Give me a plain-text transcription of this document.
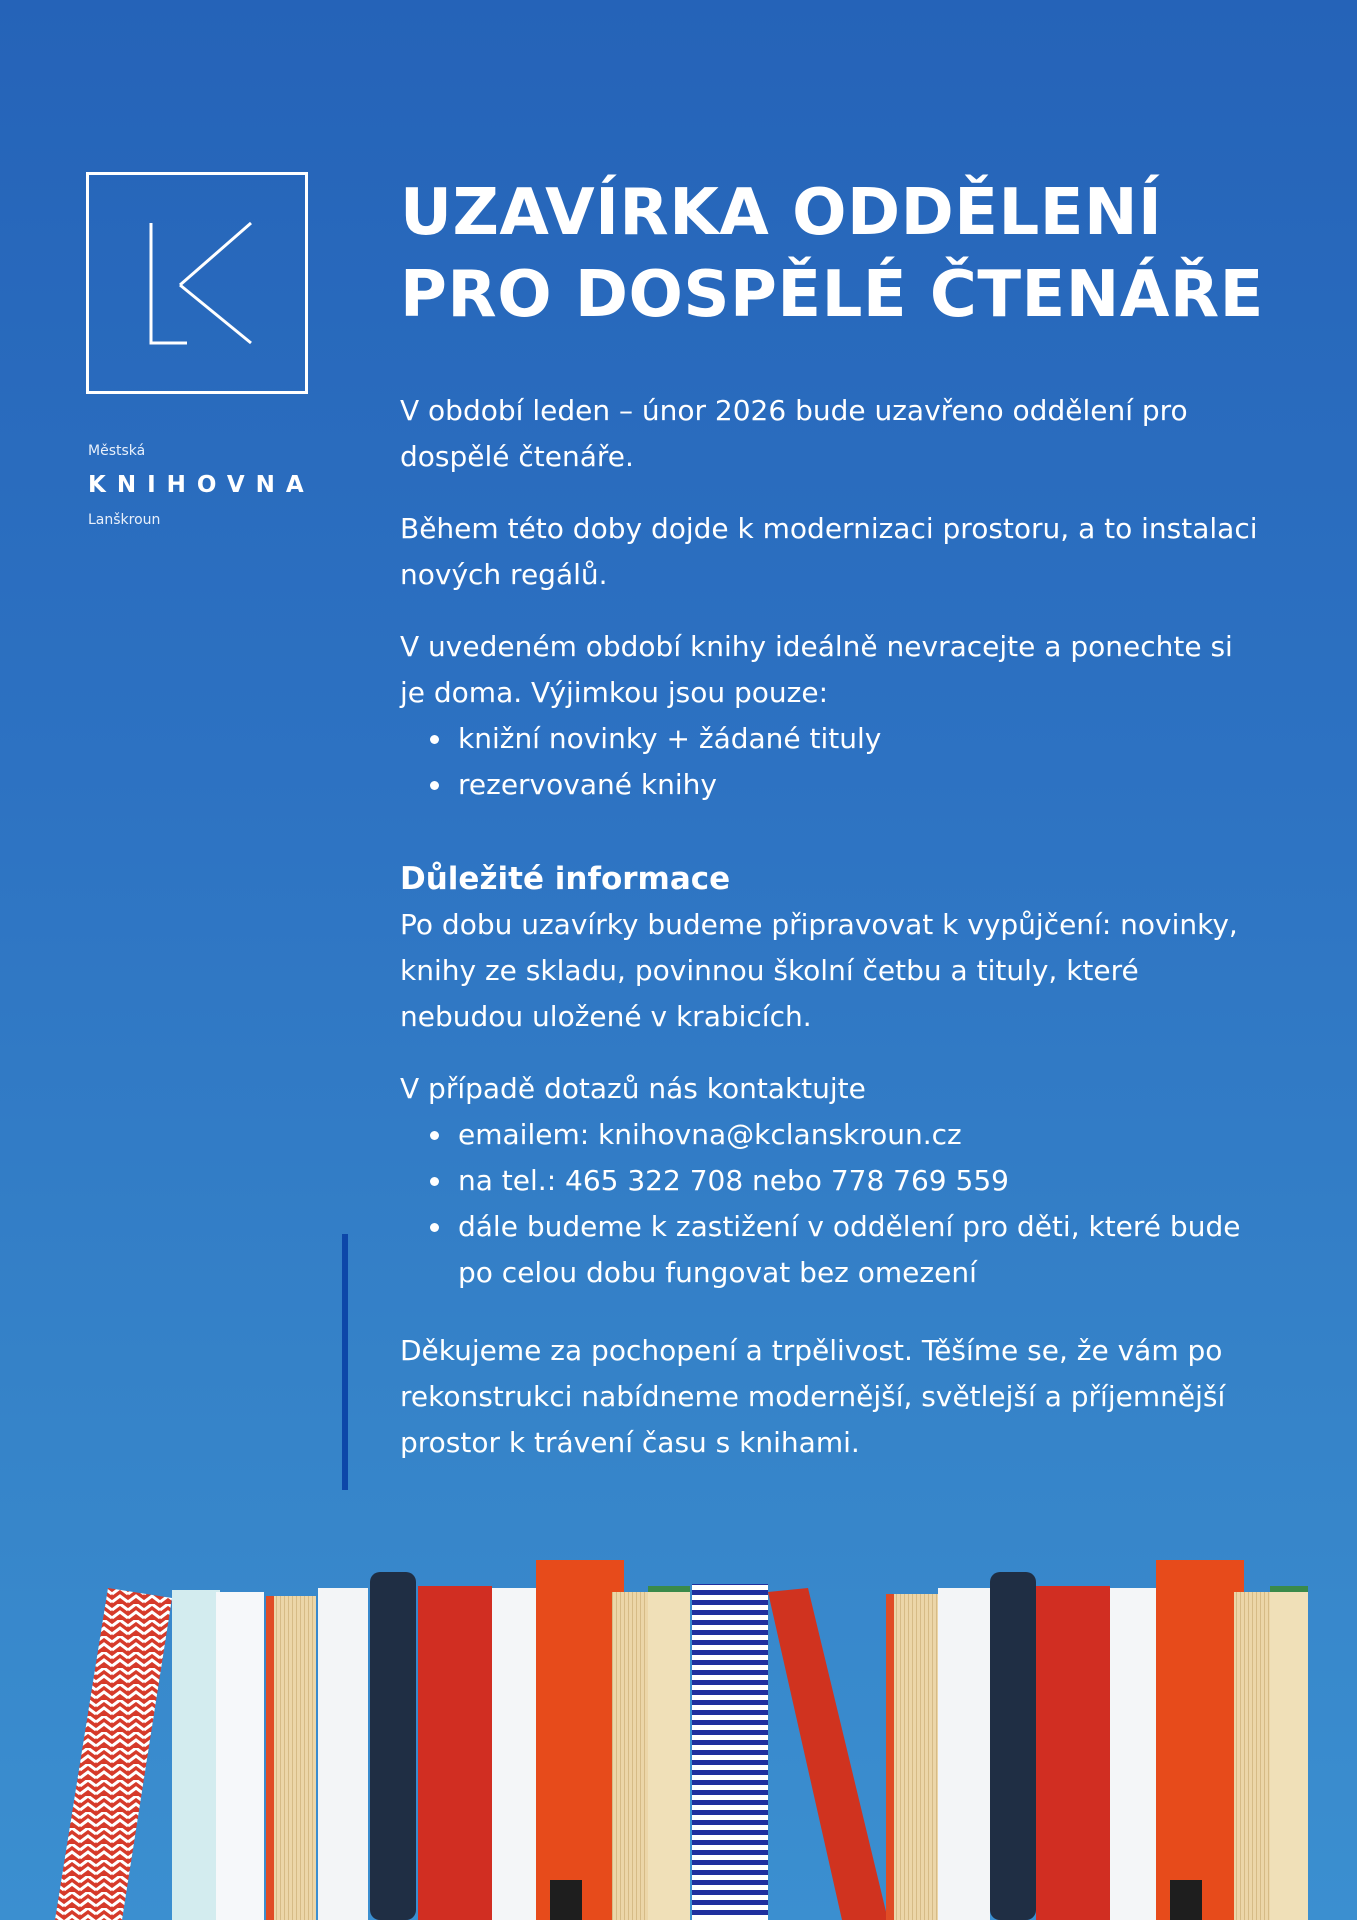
Městská
KNIHOVNA
Lanškroun
UZAVÍRKA ODDĚLENÍ
PRO DOSPĚLÉ ČTENÁŘE

V období leden – únor 2026 bude uzavřeno oddělení pro dospělé čtenáře.

Během této doby dojde k modernizaci prostoru, a to instalaci nových regálů.

V uvedeném období knihy ideálně nevracejte a ponechte si je doma. Výjimkou jsou pouze:

knižní novinky + žádané tituly
rezervované knihy
Důležité informace

Po dobu uzavírky budeme připravovat k vypůjčení: novinky, knihy ze skladu, povinnou školní četbu a tituly, které nebudou uložené v krabicích.

V případě dotazů nás kontaktujte

emailem: knihovna@kclanskroun.cz
na tel.: 465 322 708 nebo 778 769 559
dále budeme k zastižení v oddělení pro děti, které bude po celou dobu fungovat bez omezení

Děkujeme za pochopení a trpělivost. Těšíme se, že vám po rekonstrukci nabídneme modernější, světlejší a příjemnější prostor k trávení času s knihami.
